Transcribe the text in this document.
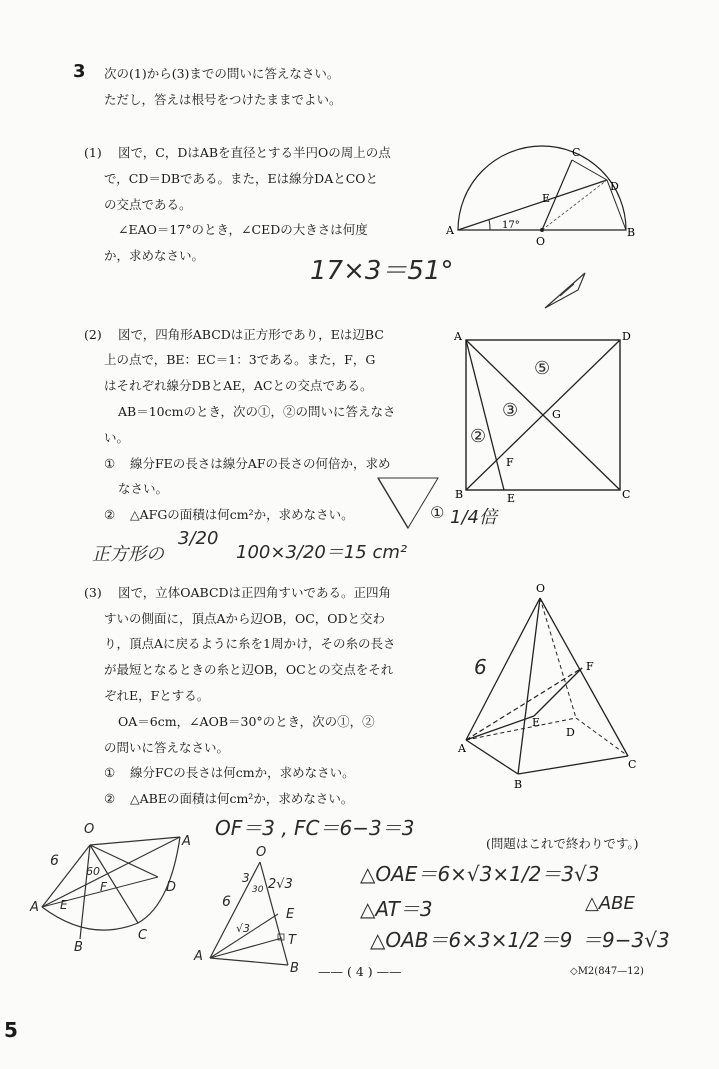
3 次の(1)から(3)までの問いに答えなさい。
ただし，答えは根号をつけたままでよい。
(1) 図で，C，DはABを直径とする半円Oの周上の点
で，CD＝DBである。また，Eは線分DAとCOと
の交点である。
∠EAO＝17°のとき，∠CEDの大きさは何度
か，求めなさい。
17×3＝51°
A	B
C
D
E
O
17°
(2) 図で，四角形ABCDは正方形であり，Eは辺BC
上の点で，BE：EC＝1：3である。また，F，G
はそれぞれ線分DBとAE，ACとの交点である。
AB＝10cmのとき，次の①，②の問いに答えなさ
い。
① 線分FEの長さは線分AFの長さの何倍か，求め
なさい。
② △AFGの面積は何cm²か，求めなさい。	① 1/4倍
正方形の
3/20
100×3/20＝15 cm²
A
B	C
D
E
F
G
②
③
⑤
(3) 図で，立体OABCDは正四角すいである。正四角
すいの側面に，頂点Aから辺OB，OC，ODと交わ
り，頂点Aに戻るように糸を1周かけ，その糸の長さ
が最短となるときの糸と辺OB，OCとの交点をそれ
ぞれE，Fとする。
OA＝6cm，∠AOB＝30°のとき，次の①，②
の問いに答えなさい。
① 線分FCの長さは何cmか，求めなさい。
② △ABEの面積は何cm²か，求めなさい。
O
A
B
C
D
E
F
6
OF＝3 , FC＝6−3＝3
(問題はこれで終わりです。)
△OAE＝6×√3×1/2＝3√3
△AT＝3	△ABE
△OAB＝6×3×1/2＝9 ＝9−3√3
O
A
A
B
C
D
E
F
6
60
O
3
30 2√3
6
√3
E
T
A
B —— ( 4 ) ——	◇M2(847—12)
5
